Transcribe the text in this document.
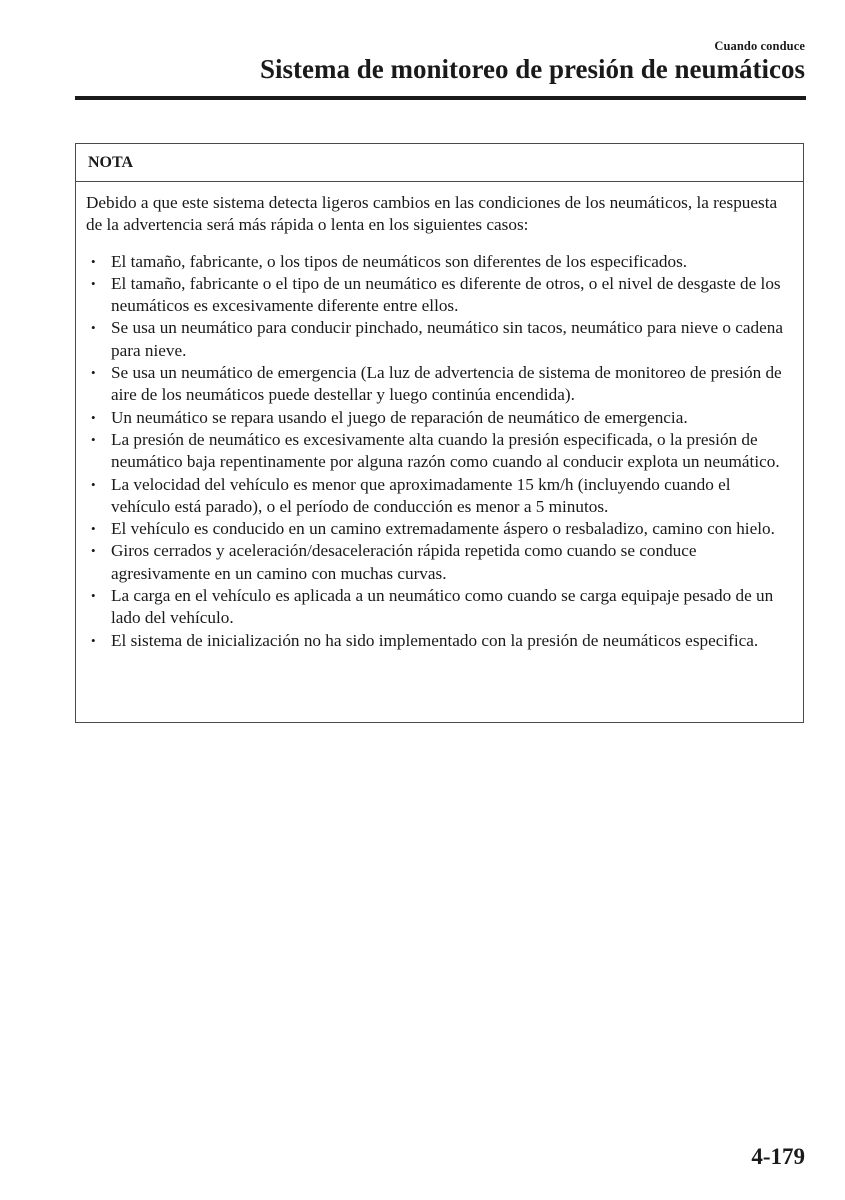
Cuando conduce
Sistema de monitoreo de presión de neumáticos
NOTA

Debido a que este sistema detecta ligeros cambios en las condiciones de los neumáticos, la respuesta de la advertencia será más rápida o lenta en los siguientes casos:

• El tamaño, fabricante, o los tipos de neumáticos son diferentes de los especificados.
• El tamaño, fabricante o el tipo de un neumático es diferente de otros, o el nivel de desgaste de los neumáticos es excesivamente diferente entre ellos.
• Se usa un neumático para conducir pinchado, neumático sin tacos, neumático para nieve o cadena para nieve.
• Se usa un neumático de emergencia (La luz de advertencia de sistema de monitoreo de presión de aire de los neumáticos puede destellar y luego continúa encendida).
• Un neumático se repara usando el juego de reparación de neumático de emergencia.
• La presión de neumático es excesivamente alta cuando la presión especificada, o la presión de neumático baja repentinamente por alguna razón como cuando al conducir explota un neumático.
• La velocidad del vehículo es menor que aproximadamente 15 km/h (incluyendo cuando el vehículo está parado), o el período de conducción es menor a 5 minutos.
• El vehículo es conducido en un camino extremadamente áspero o resbaladizo, camino con hielo.
• Giros cerrados y aceleración/desaceleración rápida repetida como cuando se conduce agresivamente en un camino con muchas curvas.
• La carga en el vehículo es aplicada a un neumático como cuando se carga equipaje pesado de un lado del vehículo.
• El sistema de inicialización no ha sido implementado con la presión de neumáticos especifica.
4-179
